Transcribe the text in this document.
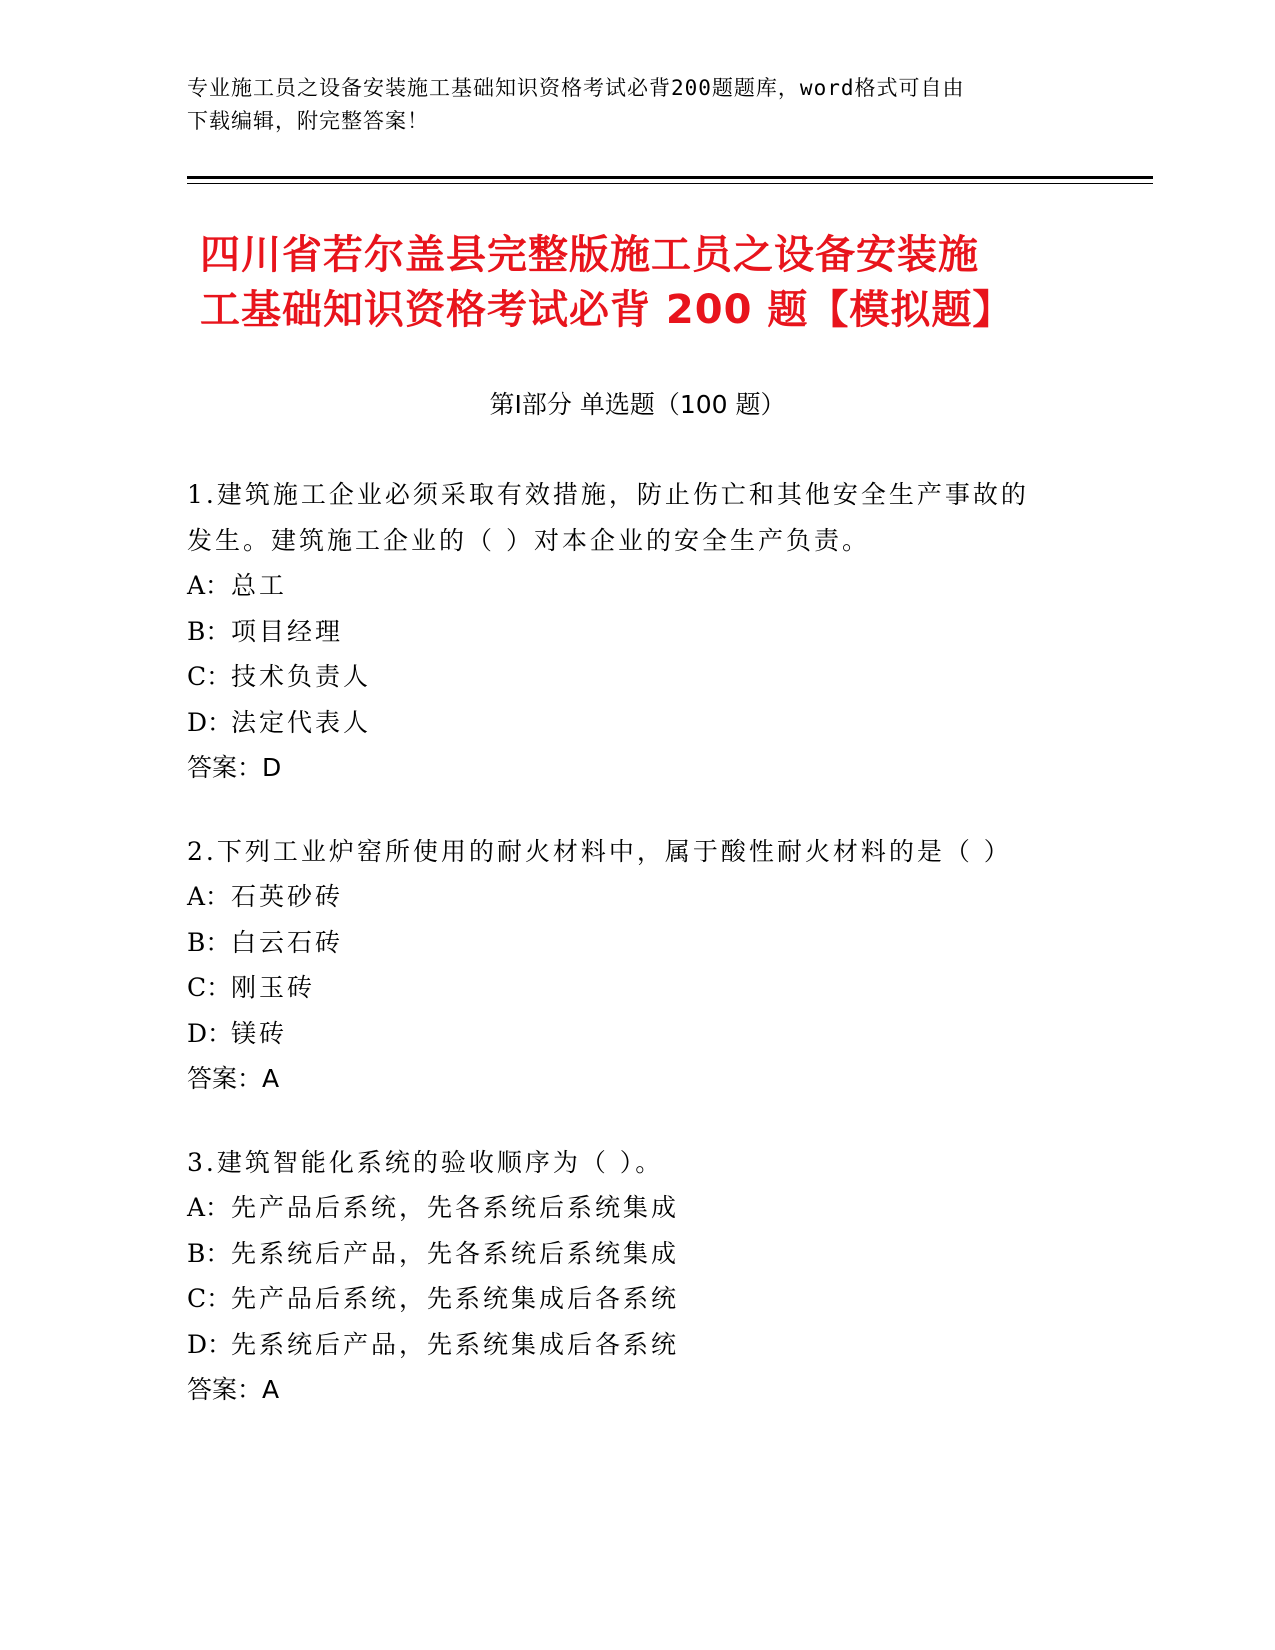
专业施工员之设备安装施工基础知识资格考试必背200题题库，word格式可自由
下载编辑，附完整答案！
四川省若尔盖县完整版施工员之设备安装施
工基础知识资格考试必背 200 题【模拟题】
第Ⅰ部分 单选题（100 题）
1.建筑施工企业必须采取有效措施，防止伤亡和其他安全生产事故的
发生。建筑施工企业的（ ）对本企业的安全生产负责。
A：总工
B：项目经理
C：技术负责人
D：法定代表人
答案：D
2.下列工业炉窑所使用的耐火材料中，属于酸性耐火材料的是（ ）
A：石英砂砖
B：白云石砖
C：刚玉砖
D：镁砖
答案：A
3.建筑智能化系统的验收顺序为（ ）。
A：先产品后系统，先各系统后系统集成
B：先系统后产品，先各系统后系统集成
C：先产品后系统，先系统集成后各系统
D：先系统后产品，先系统集成后各系统
答案：A
